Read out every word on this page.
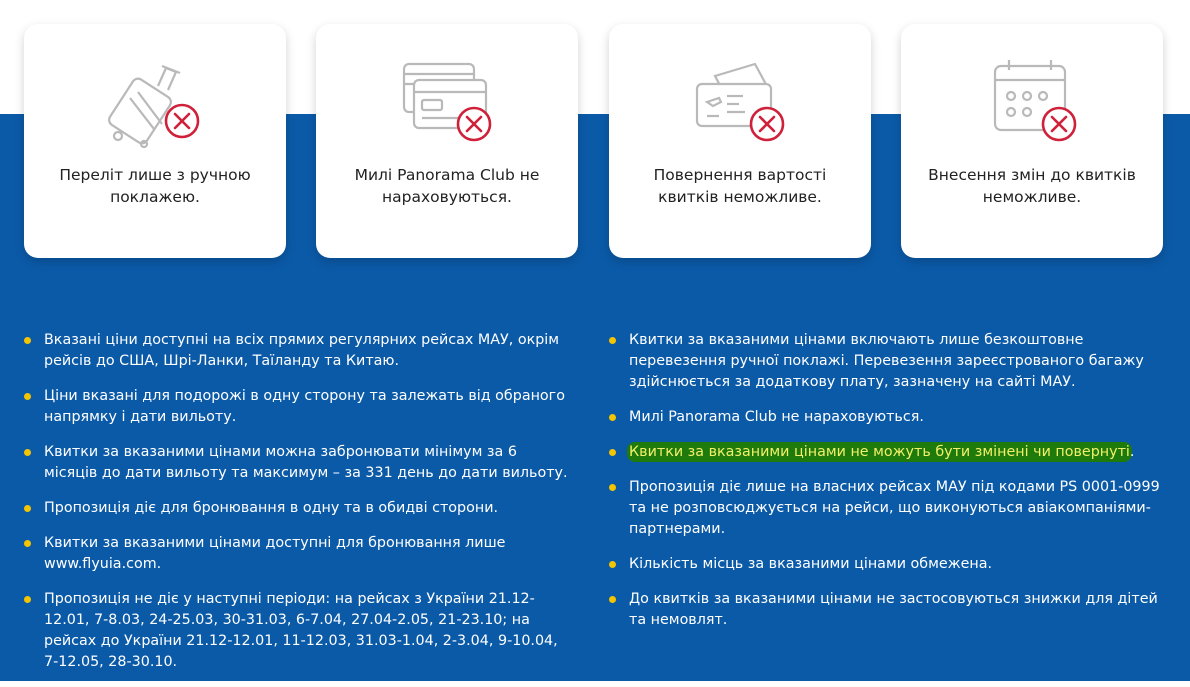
Переліт лише з ручною поклажею.
Милі Panorama Club не нараховуються.
Повернення вартості квитків неможливе.
Внесення змін до квитків неможливе.
Вказані ціни доступні на всіх прямих регулярних рейсах МАУ, окрім рейсів до США, Шрі-Ланки, Таїланду та Китаю.
Ціни вказані для подорожі в одну сторону та залежать від обраного напрямку і дати вильоту.
Квитки за вказаними цінами можна забронювати мінімум за 6 місяців до дати вильоту та максимум – за 331 день до дати вильоту.
Пропозиція діє для бронювання в одну та в обидві сторони.
Квитки за вказаними цінами доступні для бронювання лише www.flyuia.com.
Пропозиція не діє у наступні періоди: на рейсах з України 21.12-12.01, 7-8.03, 24-25.03, 30-31.03, 6-7.04, 27.04-2.05, 21-23.10; на рейсах до України 21.12-12.01, 11-12.03, 31.03-1.04, 2-3.04, 9-10.04, 7-12.05, 28-30.10.
Квитки за вказаними цінами включають лише безкоштовне перевезення ручної поклажі. Перевезення зареєстрованого багажу здійснюється за додаткову плату, зазначену на сайті МАУ.
Милі Panorama Club не нараховуються.
Квитки за вказаними цінами не можуть бути змінені чи повернуті.
Пропозиція діє лише на власних рейсах МАУ під кодами PS 0001-0999 та не розповсюджується на рейси, що виконуються авіакомпаніями-партнерами.
Кількість місць за вказаними цінами обмежена.
До квитків за вказаними цінами не застосовуються знижки для дітей та немовлят.
